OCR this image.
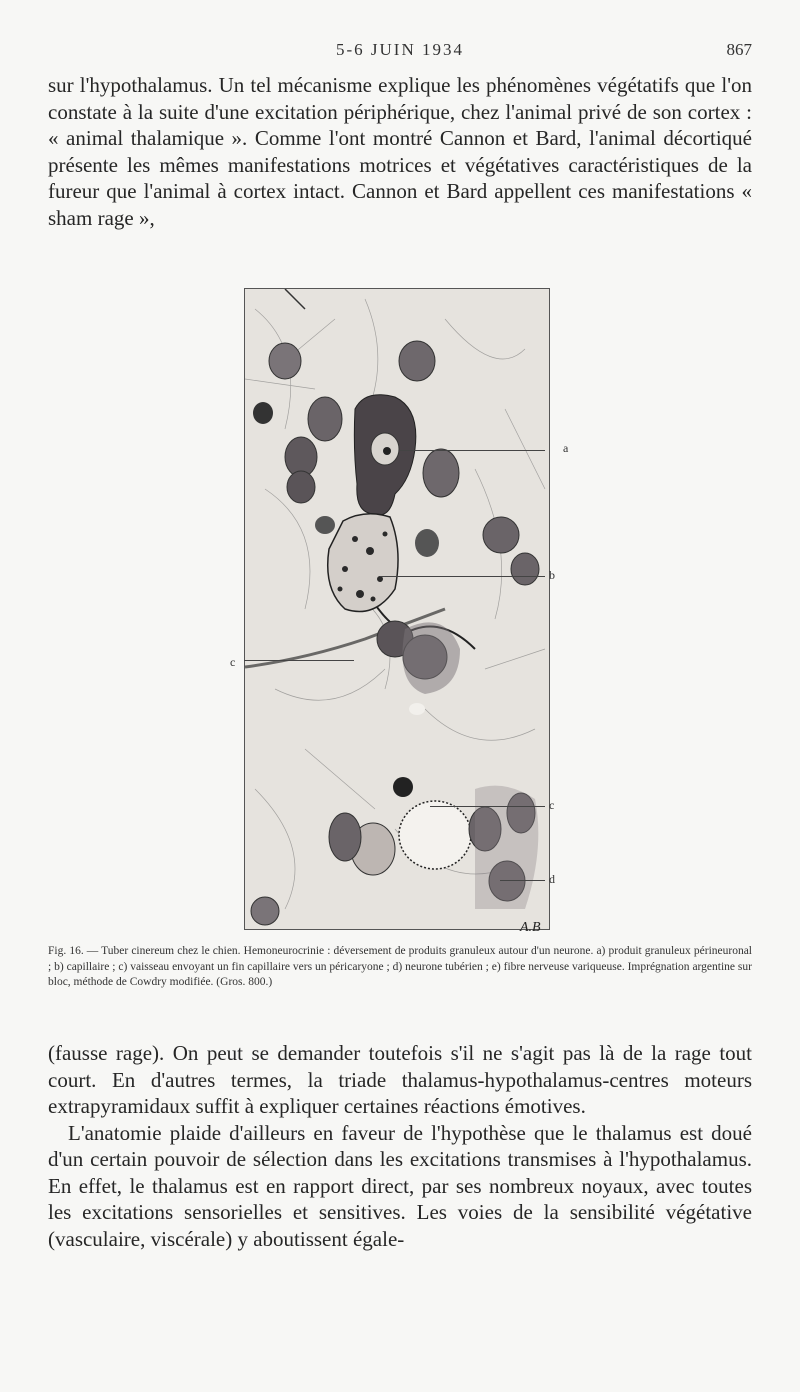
5-6 JUIN 1934	867

sur l'hypothalamus. Un tel mécanisme explique les phénomènes végétatifs que l'on constate à la suite d'une excitation périphérique, chez l'animal privé de son cortex : « animal thalamique ». Comme l'ont montré Cannon et Bard, l'animal décortiqué présente les mêmes manifestations motrices et végétatives caractéristiques de la fureur que l'animal à cortex intact. Cannon et Bard appellent ces manifestations « sham rage »,

a
b
c
c
d
A.B

Fig. 16. — Tuber cinereum chez le chien. Hemoneurocrinie : déversement de produits granuleux autour d'un neurone. a) produit granuleux périneuronal ; b) capillaire ; c) vaisseau envoyant un fin capillaire vers un péricaryone ; d) neurone tubérien ; e) fibre nerveuse variqueuse. Imprégnation argentine sur bloc, méthode de Cowdry modifiée. (Gros. 800.)

(fausse rage). On peut se demander toutefois s'il ne s'agit pas là de la rage tout court. En d'autres termes, la triade thalamus-hypothalamus-centres moteurs extrapyramidaux suffit à expliquer certaines réactions émotives.

L'anatomie plaide d'ailleurs en faveur de l'hypothèse que le thalamus est doué d'un certain pouvoir de sélection dans les excitations transmises à l'hypothalamus. En effet, le thalamus est en rapport direct, par ses nombreux noyaux, avec toutes les excitations sensorielles et sensitives. Les voies de la sensibilité végétative (vasculaire, viscérale) y aboutissent égale-
